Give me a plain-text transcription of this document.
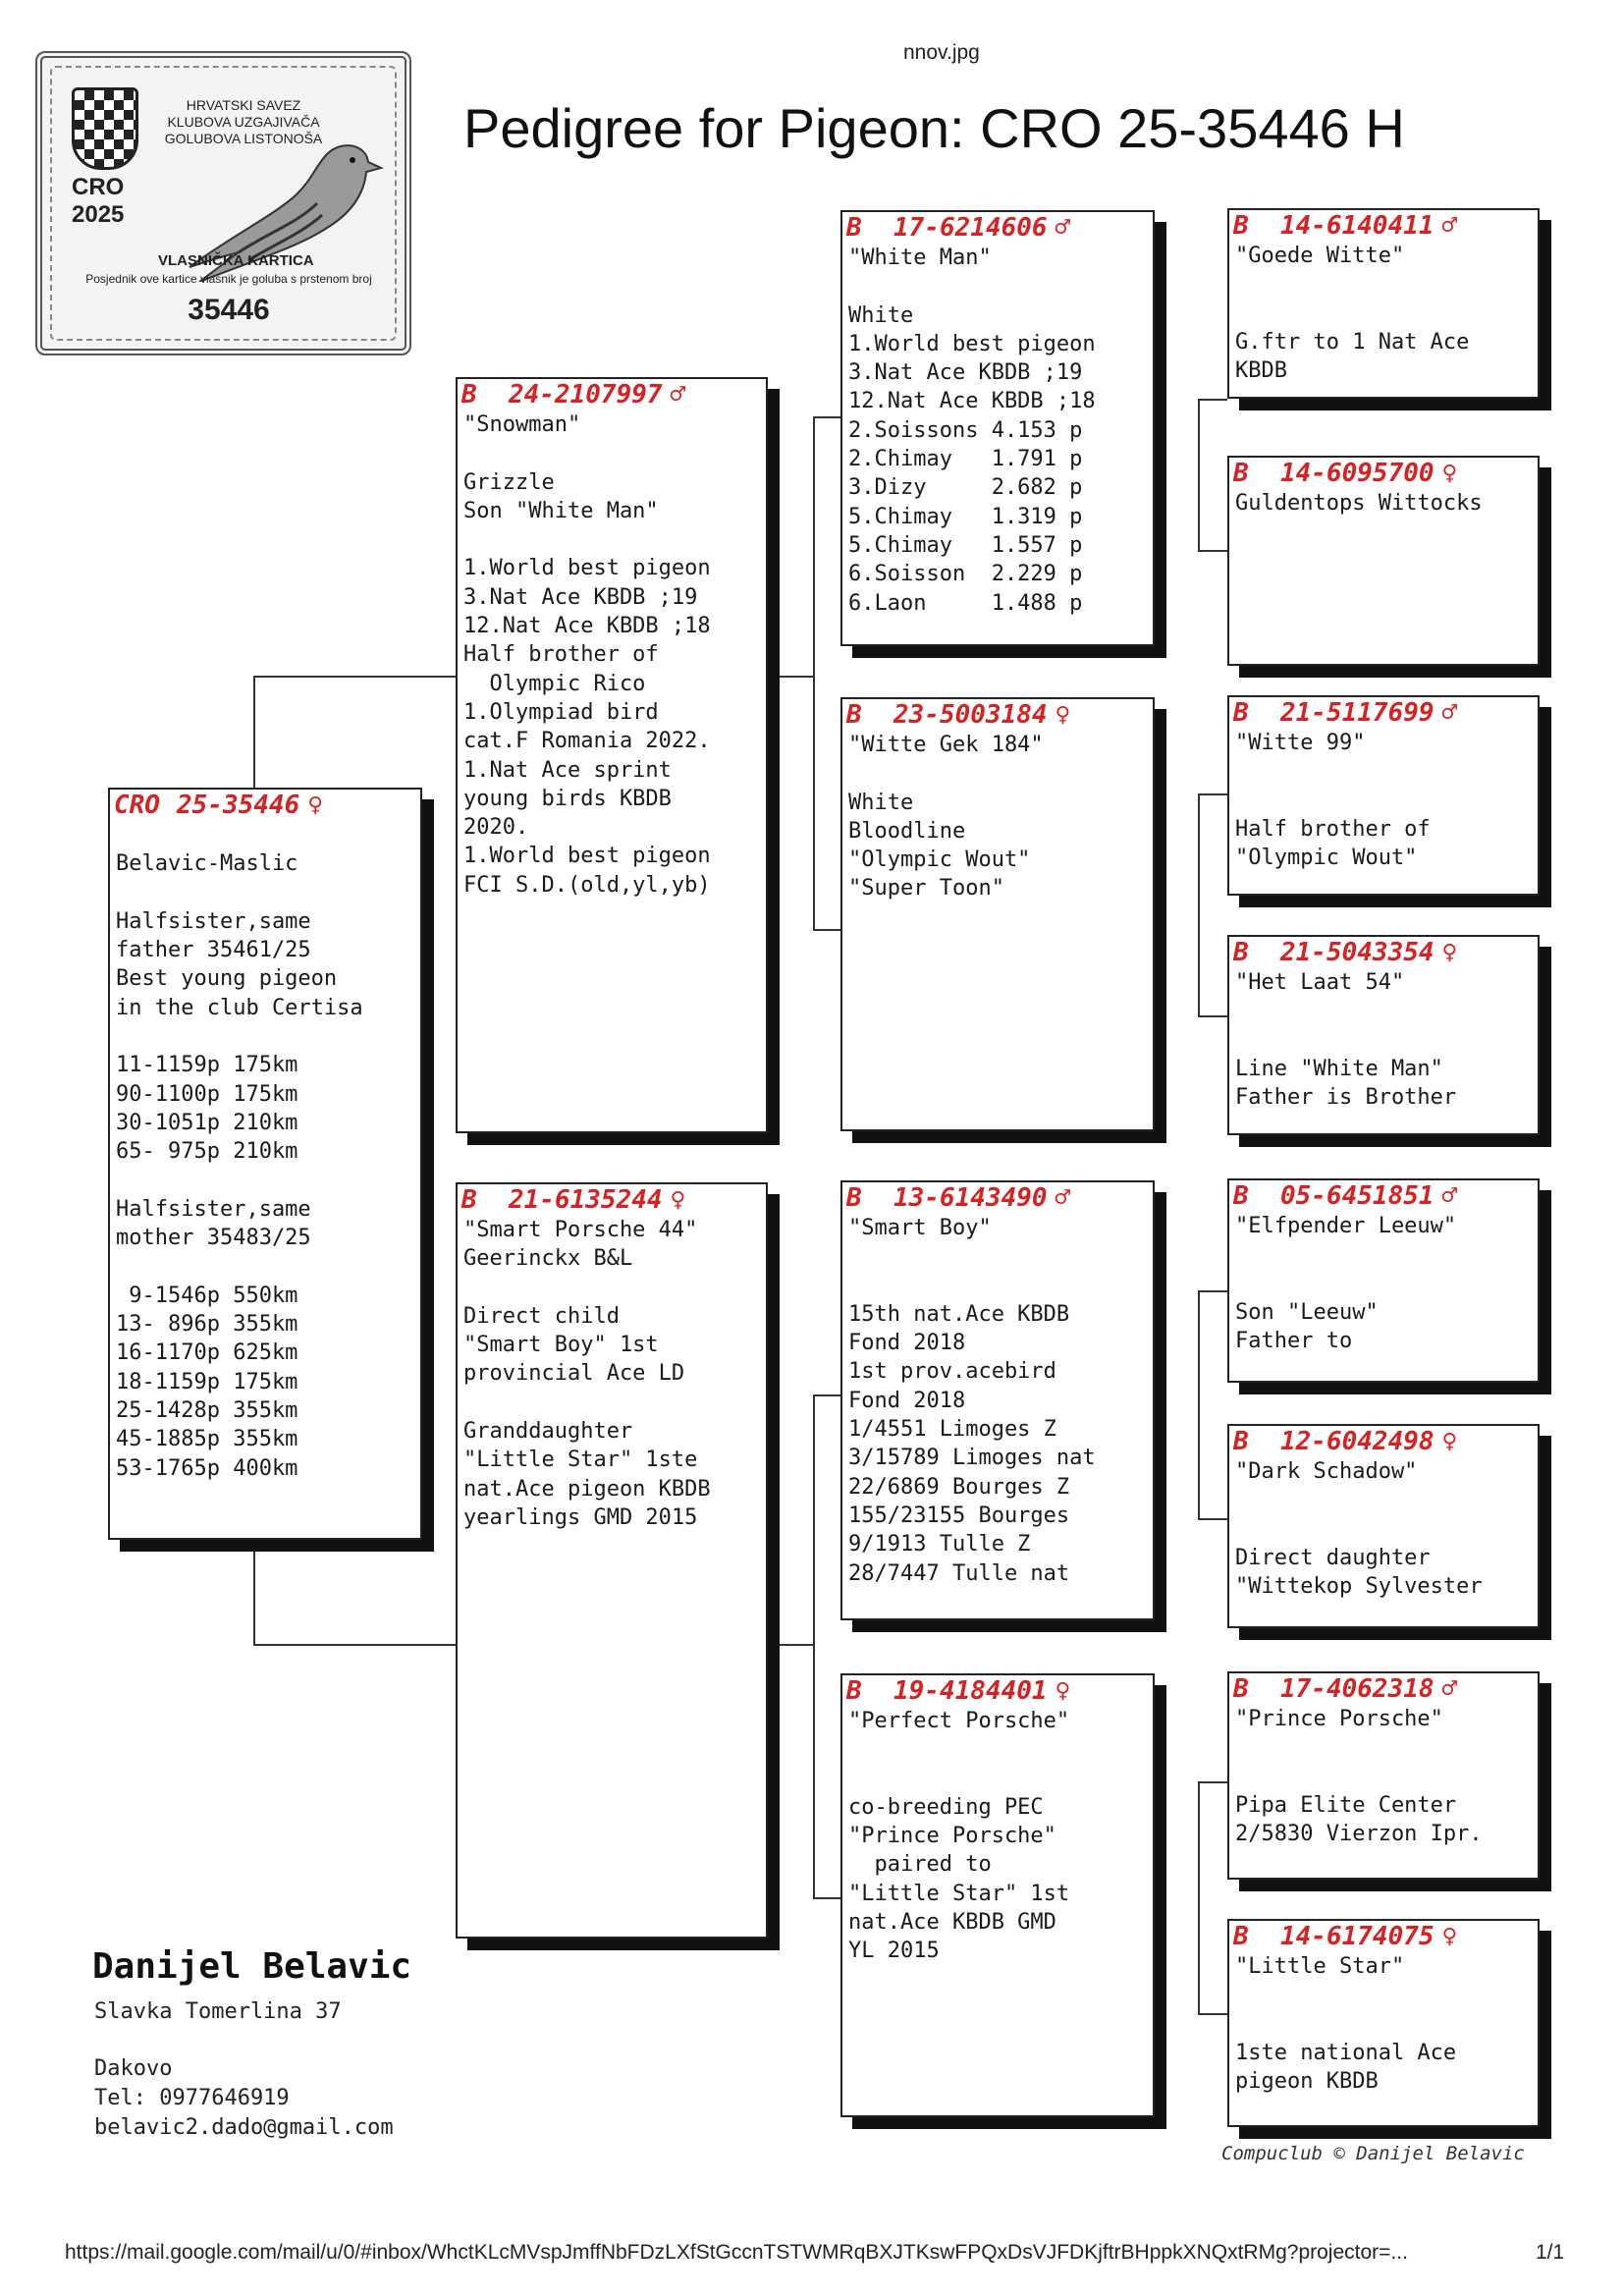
nnov.jpg
Pedigree for Pigeon: CRO 25-35446 H
HRVATSKI SAVEZ
KLUBOVA UZGAJIVAČA
GOLUBOVA LISTONOŠA
CRO
2025
VLASNIČKA KARTICA
Posjednik ove kartice vlasnik je goluba s prstenom broj
35446
CRO 25-35446 ♀
Belavic-Maslic
Halfsister,same
father 35461/25
Best young pigeon
in the club Certisa
11-1159p 175km
90-1100p 175km
30-1051p 210km
65- 975p 210km
Halfsister,same
mother 35483/25
9-1546p 550km
13- 896p 355km
16-1170p 625km
18-1159p 175km
25-1428p 355km
45-1885p 355km
53-1765p 400km
B 24-2107997 ♂
"Snowman"
Grizzle
Son "White Man"
1.World best pigeon
3.Nat Ace KBDB ;19
12.Nat Ace KBDB ;18
Half brother of
Olympic Rico
1.Olympiad bird
cat.F Romania 2022.
1.Nat Ace sprint
young birds KBDB
2020.
1.World best pigeon
FCI S.D.(old,yl,yb)
B 21-6135244 ♀
"Smart Porsche 44"
Geerinckx B&L
Direct child
"Smart Boy" 1st
provincial Ace LD
Granddaughter
"Little Star" 1ste
nat.Ace pigeon KBDB
yearlings GMD 2015
B 17-6214606 ♂
"White Man"
White
1.World best pigeon
3.Nat Ace KBDB ;19
12.Nat Ace KBDB ;18
2.Soissons 4.153 p
2.Chimay   1.791 p
3.Dizy     2.682 p
5.Chimay   1.319 p
5.Chimay   1.557 p
6.Soisson  2.229 p
6.Laon     1.488 p
B 23-5003184 ♀
"Witte Gek 184"
White
Bloodline
"Olympic Wout"
"Super Toon"
B 13-6143490 ♂
"Smart Boy"
15th nat.Ace KBDB
Fond 2018
1st prov.acebird
Fond 2018
1/4551 Limoges Z
3/15789 Limoges nat
22/6869 Bourges Z
155/23155 Bourges
9/1913 Tulle Z
28/7447 Tulle nat
B 19-4184401 ♀
"Perfect Porsche"
co-breeding PEC
"Prince Porsche"
paired to
"Little Star" 1st
nat.Ace KBDB GMD
YL 2015
B 14-6140411 ♂
"Goede Witte"
G.ftr to 1 Nat Ace
KBDB
B 14-6095700 ♀
Guldentops Wittocks
B 21-5117699 ♂
"Witte 99"
Half brother of
"Olympic Wout"
B 21-5043354 ♀
"Het Laat 54"
Line "White Man"
Father is Brother
B 05-6451851 ♂
"Elfpender Leeuw"
Son "Leeuw"
Father to
B 12-6042498 ♀
"Dark Schadow"
Direct daughter
"Wittekop Sylvester
B 17-4062318 ♂
"Prince Porsche"
Pipa Elite Center
2/5830 Vierzon Ipr.
B 14-6174075 ♀
"Little Star"
1ste national Ace
pigeon KBDB
Danijel Belavic
Slavka Tomerlina 37
Dakovo
Tel: 0977646919
belavic2.dado@gmail.com
Compuclub © Danijel Belavic
https://mail.google.com/mail/u/0/#inbox/WhctKLcMVspJmffNbFDzLXfStGccnTSTWMRqBXJTKswFPQxDsVJFDKjftrBHppkXNQxtRMg?projector=...	1/1
